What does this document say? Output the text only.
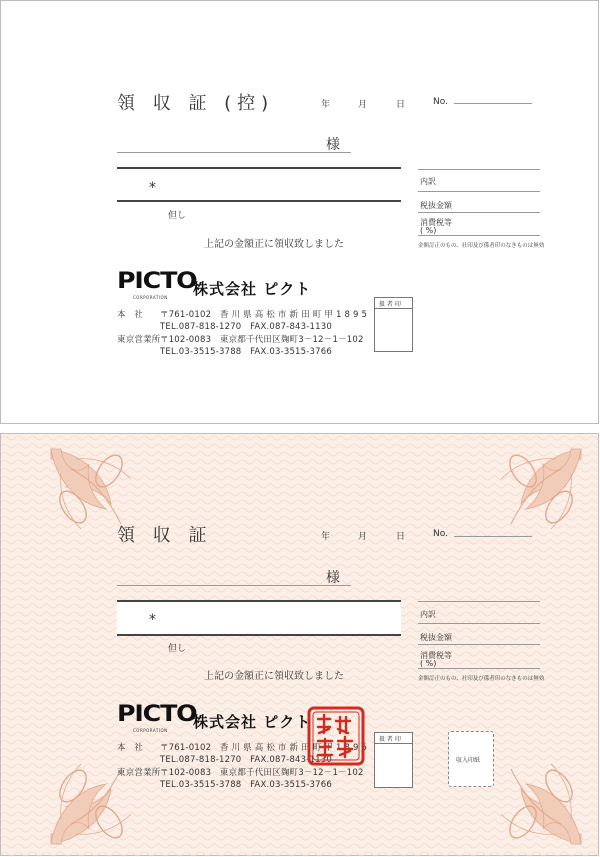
領 収 証 (控)	年	月	日	No.
様
*
但し
上記の金額正に領収致しました
内訳
税抜金額
消費税等
( %)
金額訂正のもの、社印及び係者印のなきものは無効
PICTO
CORPORATION 株式会社 ピクト
本　社 〒761-0102　香 川 県 高 松 市 新 田 町 甲 1 8 9 5
TEL.087-818-1270　FAX.087-843-1130
東京営業所 〒102-0083　東京都千代田区麹町3－12－1－102
TEL.03-3515-3788　FAX.03-3515-3766
扱 者 印
領 収 証	年	月	日	No.
様
*
但し
上記の金額正に領収致しました
内訳
税抜金額
消費税等
( %)
金額訂正のもの、社印及び係者印のなきものは無効
PICTO
CORPORATION 株式会社 ピクト
本　社 〒761-0102　香 川 県 高 松 市 新 田 町 甲 1 8 9 5
TEL.087-818-1270　FAX.087-843-1130
東京営業所 〒102-0083　東京都千代田区麹町3－12－1－102
TEL.03-3515-3788　FAX.03-3515-3766
扱 者 印
収入印紙
